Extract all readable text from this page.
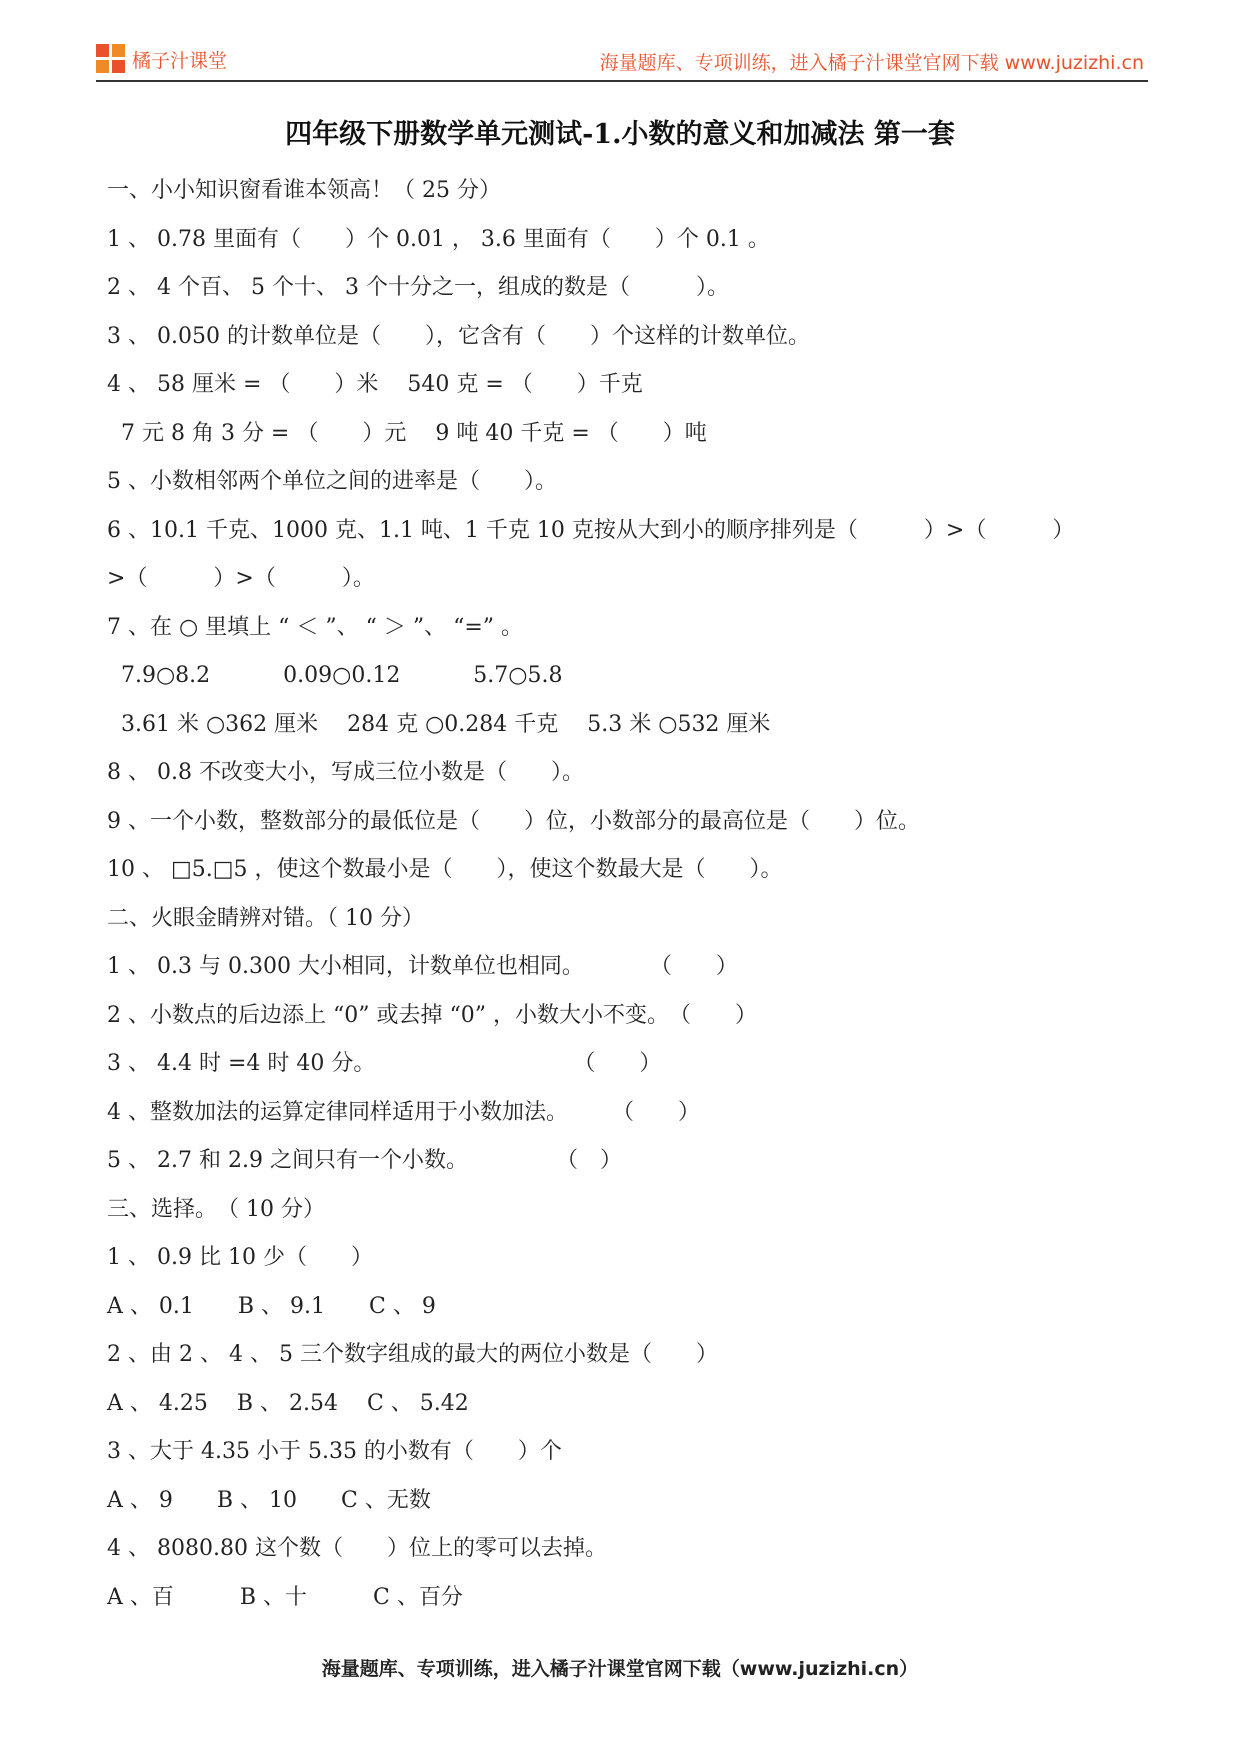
橘子汁课堂	海量题库、专项训练，进入橘子汁课堂官网下载 www.juzizhi.cn
四年级下册数学单元测试-1.小数的意义和加减法 第一套
一、小小知识窗看谁本领高！（ 25 分）
1 、 0.78 里面有（　　）个 0.01 ， 3.6 里面有（　　）个 0.1 。
2 、 4 个百、 5 个十、 3 个十分之一，组成的数是（　　　）。
3 、 0.050 的计数单位是（　　），它含有（　　）个这样的计数单位。
4 、 58 厘米 = （　　）米　 540 克 = （　　）千克
7 元 8 角 3 分 = （　　）元　 9 吨 40 千克 = （　　）吨
5 、小数相邻两个单位之间的进率是（　　）。
6 、10.1 千克、1000 克、1.1 吨、1 千克 10 克按从大到小的顺序排列是（　　　）>（　　　）
>（　　　）>（　　　）。
7 、在 ○ 里填上 “ ＜ ”、 “ ＞ ”、 “=” 。
7.9○8.2　　　 0.09○0.12　　　 5.7○5.8
3.61 米 ○362 厘米　 284 克 ○0.284 千克　 5.3 米 ○532 厘米
8 、 0.8 不改变大小，写成三位小数是（　　）。
9 、一个小数，整数部分的最低位是（　　）位，小数部分的最高位是（　　）位。
10 、 □5.□5 ，使这个数最小是（　　），使这个数最大是（　　）。
二、火眼金睛辨对错。（ 10 分）
1 、 0.3 与 0.300 大小相同，计数单位也相同。　　　　（　　）
2 、小数点的后边添上 “0” 或去掉 “0” ，小数大小不变。　（　　）
3 、 4.4 时 =4 时 40 分。　　　　　　　　　　（　　）
4 、整数加法的运算定律同样适用于小数加法。　　　（　　）
5 、 2.7 和 2.9 之间只有一个小数。　　　　　（　）
三、选择。　（ 10 分）
1 、 0.9 比 10 少（　　）
A 、 0.1　　B 、 9.1　　C 、 9
2 、由 2 、 4 、 5 三个数字组成的最大的两位小数是（　　）
A 、 4.25　 B 、 2.54　 C 、 5.42
3 、大于 4.35 小于 5.35 的小数有（　　）个
A 、 9　　B 、 10　　C 、无数
4 、 8080.80 这个数（　　）位上的零可以去掉。
A 、百　　　B 、十　　　C 、百分
海量题库、专项训练，进入橘子汁课堂官网下载（www.juzizhi.cn）
